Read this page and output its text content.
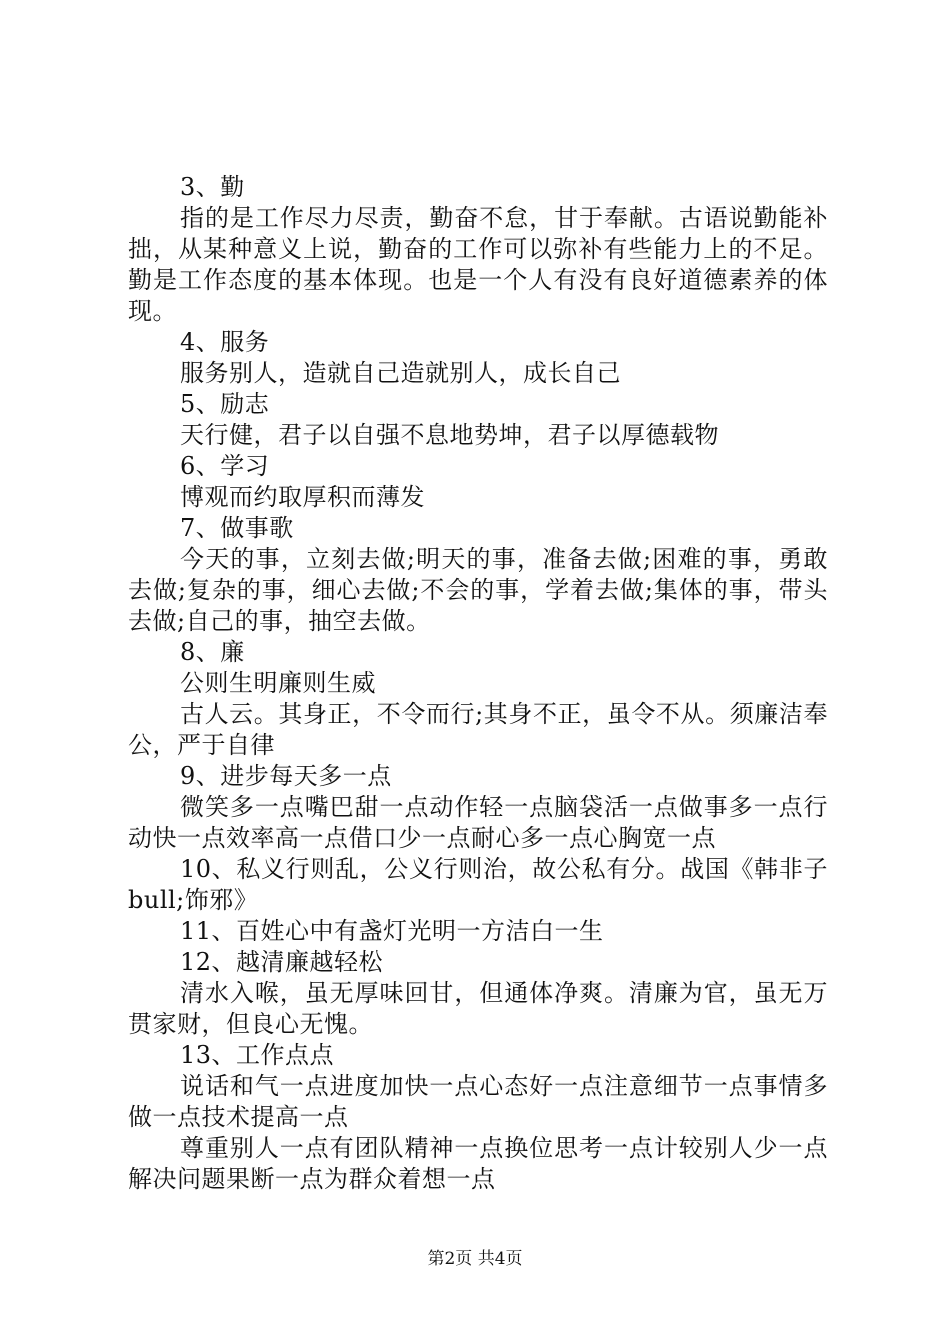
3、勤

指的是工作尽力尽责，勤奋不怠，甘于奉献。古语说勤能补拙，从某种意义上说，勤奋的工作可以弥补有些能力上的不足。勤是工作态度的基本体现。也是一个人有没有良好道德素养的体现。

4、服务

服务别人，造就自己造就别人，成长自己

5、励志

天行健，君子以自强不息地势坤，君子以厚德载物

6、学习

博观而约取厚积而薄发

7、做事歌

今天的事，立刻去做;明天的事，准备去做;困难的事，勇敢去做;复杂的事，细心去做;不会的事，学着去做;集体的事，带头去做;自己的事，抽空去做。

8、廉

公则生明廉则生威

古人云。其身正，不令而行;其身不正，虽令不从。须廉洁奉公，严于自律

9、进步每天多一点

微笑多一点嘴巴甜一点动作轻一点脑袋活一点做事多一点行动快一点效率高一点借口少一点耐心多一点心胸宽一点

10、私义行则乱，公义行则治，故公私有分。战国《韩非子bull;饰邪》

11、百姓心中有盏灯光明一方洁白一生

12、越清廉越轻松

清水入喉，虽无厚味回甘，但通体净爽。清廉为官，虽无万贯家财，但良心无愧。

13、工作点点

说话和气一点进度加快一点心态好一点注意细节一点事情多做一点技术提高一点

尊重别人一点有团队精神一点换位思考一点计较别人少一点解决问题果断一点为群众着想一点

第2页 共4页
